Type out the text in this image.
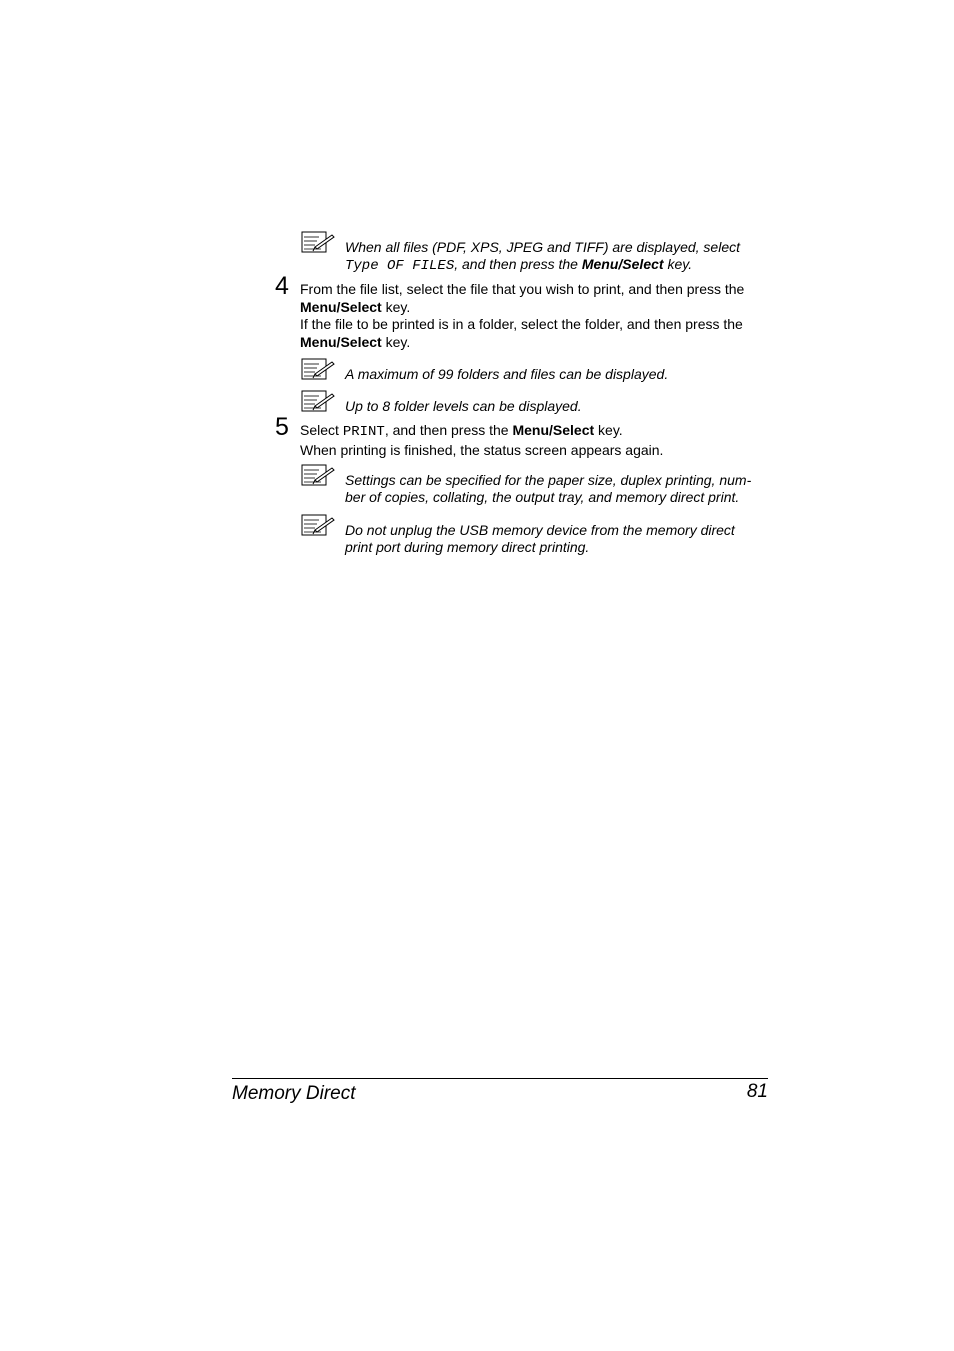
When all files (PDF, XPS, JPEG and TIFF) are displayed, select Type OF FILES, and then press the Menu/Select key.
4 From the file list, select the file that you wish to print, and then press the Menu/Select key.
If the file to be printed is in a folder, select the folder, and then press the Menu/Select key.
A maximum of 99 folders and files can be displayed.
Up to 8 folder levels can be displayed.
5 Select PRINT, and then press the Menu/Select key.
When printing is finished, the status screen appears again.
Settings can be specified for the paper size, duplex printing, num-ber of copies, collating, the output tray, and memory direct print.
Do not unplug the USB memory device from the memory direct print port during memory direct printing.
Memory Direct	81
